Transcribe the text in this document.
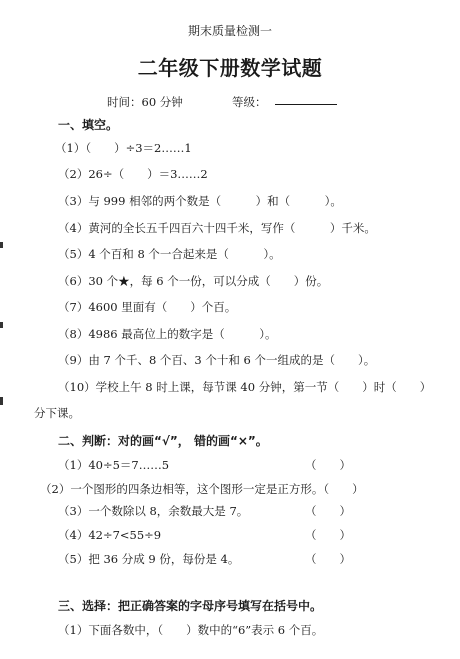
期末质量检测一
二年级下册数学试题
时间：60 分钟	等级：
一、填空。
（1）（　　）÷3＝2……1
（2）26÷（　　）＝3……2
（3）与 999 相邻的两个数是（　　　）和（　　　）。
（4）黄河的全长五千四百六十四千米，写作（　　　）千米。
（5）4 个百和 8 个一合起来是（　　　）。
（6）30 个★，每 6 个一份，可以分成（　　）份。
（7）4600 里面有（　　）个百。
（8）4986 最高位上的数字是（　　　）。
（9）由 7 个千、8 个百、3 个十和 6 个一组成的是（　　）。
（10）学校上午 8 时上课，每节课 40 分钟，第一节（　　）时（　　）
分下课。
二、判断：对的画“√”， 错的画“×”。
（1）40÷5＝7……5	（　　）
（2）一个图形的四条边相等，这个图形一定是正方形。（　　）
（3）一个数除以 8，余数最大是 7。	（　　）
（4）42÷7<55÷9	（　　）
（5）把 36 分成 9 份，每份是 4。	（　　）
三、选择：把正确答案的字母序号填写在括号中。
（1）下面各数中，（　　）数中的“6”表示 6 个百。
